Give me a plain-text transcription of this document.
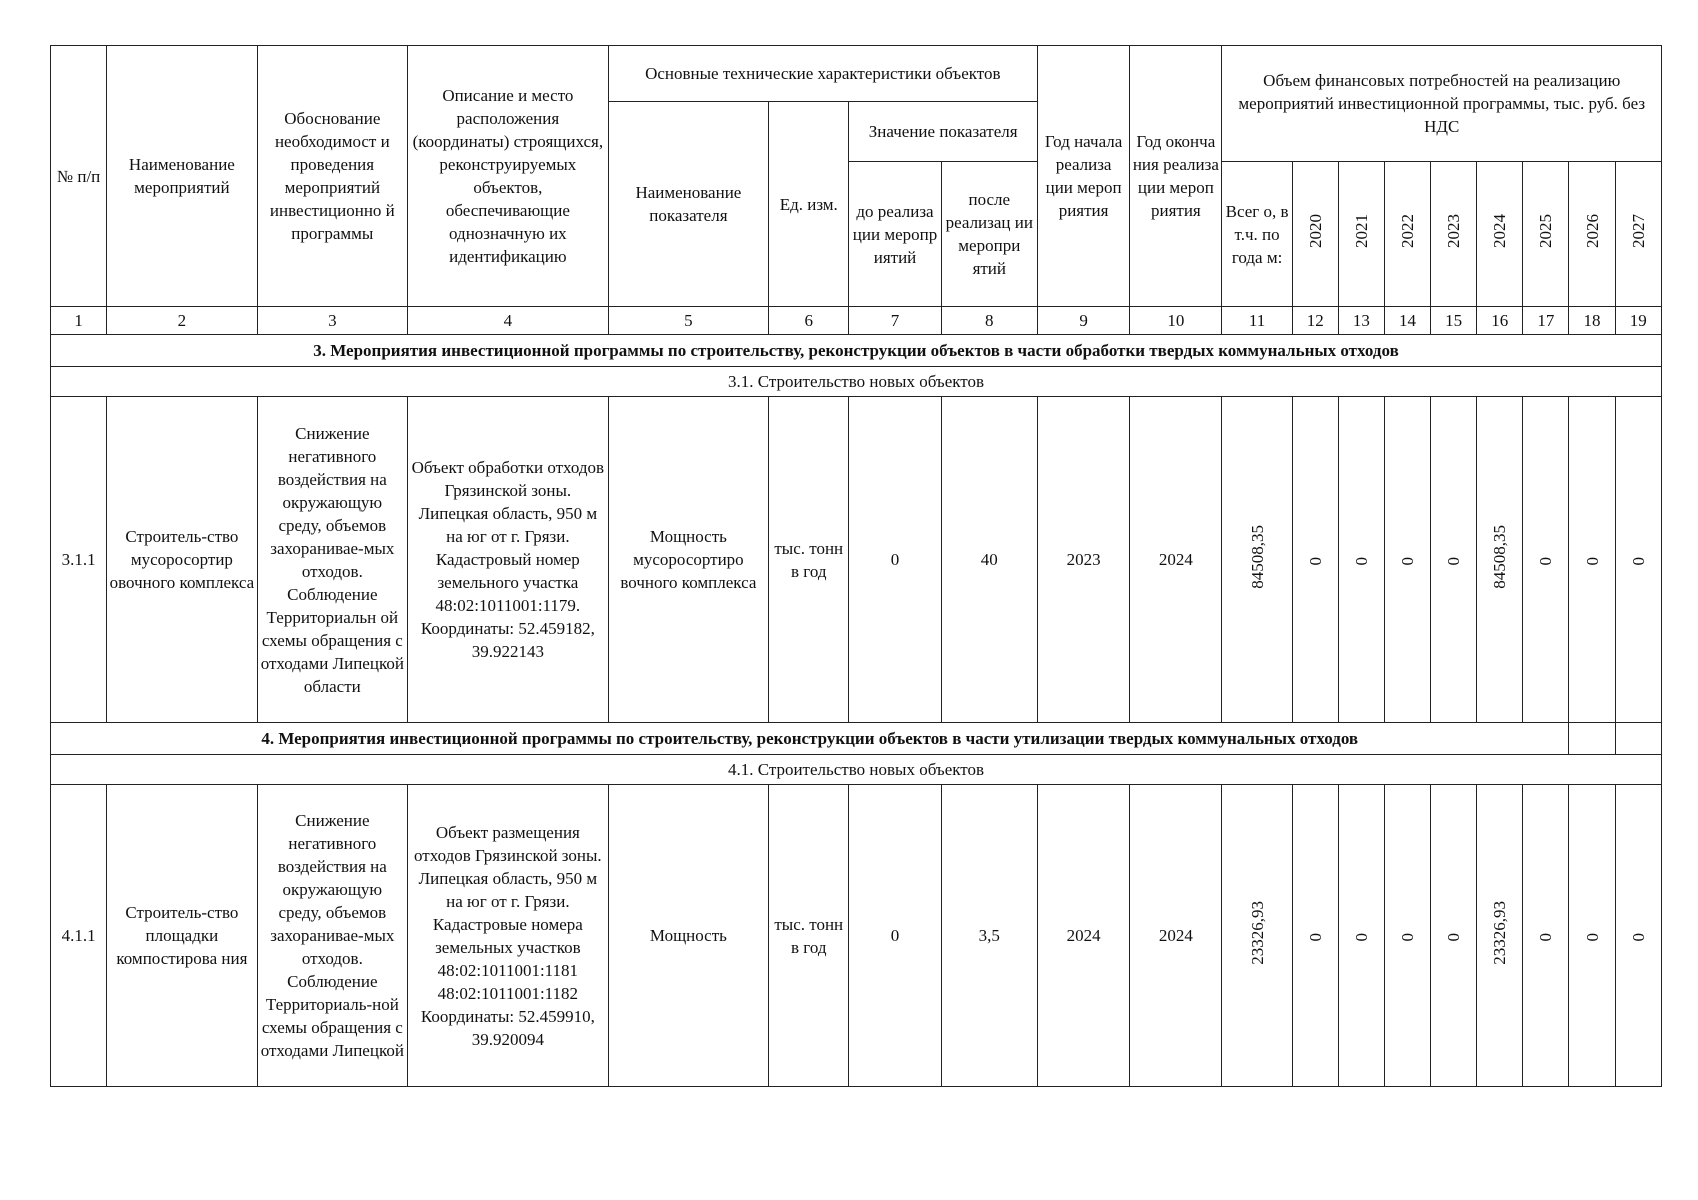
№ п/п	Наименование мероприятий	Обоснование необходимост и проведения мероприятий инвестиционно й программы	Описание и место расположения (координаты) строящихся, реконструируемых объектов, обеспечивающие однозначную их идентификацию	Основные технические характеристики объектов				Год начала реализа ции мероп риятия	Год оконча ния реализа ции мероп риятия	Объем финансовых потребностей на реализацию мероприятий инвестиционной программы, тыс. руб. без НДС								
				Наименование показателя	Ед. изм.	Значение показателя												
						до реализа ции меропр иятий	после реализац ии меропри ятий			Всег о, в т.ч. по года м:	2020	2021	2022	2023	2024	2025	2026	2027
1	2	3	4	5	6	7	8	9	10	11	12	13	14	15	16	17	18	19
3. Мероприятия инвестиционной программы по строительству, реконструкции объектов в части обработки твердых коммунальных отходов																		
3.1. Строительство новых объектов																		
3.1.1	Строитель-ство мусоросортир овочного комплекса	Снижение негативного воздействия на окружающую среду, объемов захоранивае-мых отходов. Соблюдение Территориальн ой схемы обращения с отходами Липецкой области	Объект обработки отходов Грязинской зоны. Липецкая область, 950 м на юг от г. Грязи. Кадастровый номер земельного участка 48:02:1011001:1179. Координаты: 52.459182, 39.922143	Мощность мусоросортиро вочного комплекса	тыс. тонн в год	0	40	2023	2024	84508,35	0	0	0	0	84508,35	0	0	0
4. Мероприятия инвестиционной программы по строительству, реконструкции объектов в части утилизации твердых коммунальных отходов																		
4.1. Строительство новых объектов																		
4.1.1	Строитель-ство площадки компостирова ния	Снижение негативного воздействия на окружающую среду, объемов захоранивае-мых отходов. Соблюдение Территориаль-ной схемы обращения с отходами Липецкой	Объект размещения отходов Грязинской зоны. Липецкая область, 950 м на юг от г. Грязи. Кадастровые номера земельных участков 48:02:1011001:1181 48:02:1011001:1182 Координаты: 52.459910, 39.920094	Мощность	тыс. тонн в год	0	3,5	2024	2024	23326,93	0	0	0	0	23326,93	0	0	0
